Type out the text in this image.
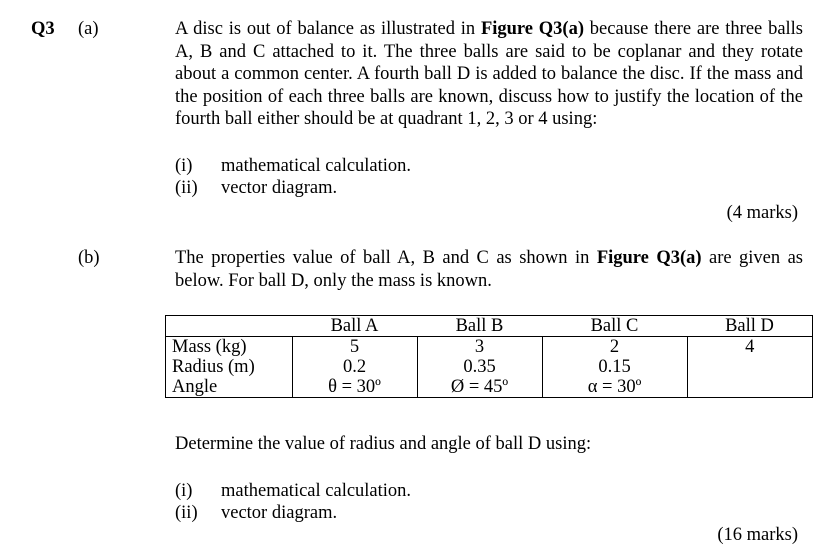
Q3 (a)	A disc is out of balance as illustrated in Figure Q3(a) because there are three balls A, B and C attached to it. The three balls are said to be coplanar and they rotate about a common center. A fourth ball D is added to balance the disc. If the mass and the position of each three balls are known, discuss how to justify the location of the fourth ball either should be at quadrant 1, 2, 3 or 4 using:
(i) mathematical calculation.
(ii) vector diagram.
(4 marks)
(b)	The properties value of ball A, B and C as shown in Figure Q3(a) are given as below. For ball D, only the mass is known.
	Ball A	Ball B	Ball C	Ball D
Mass (kg)	5	3	2	4
Radius (m)	0.2	0.35	0.15	
Angle	θ = 30º	Ø = 45º	α = 30º	
Determine the value of radius and angle of ball D using:
(i) mathematical calculation.
(ii) vector diagram.
(16 marks)
